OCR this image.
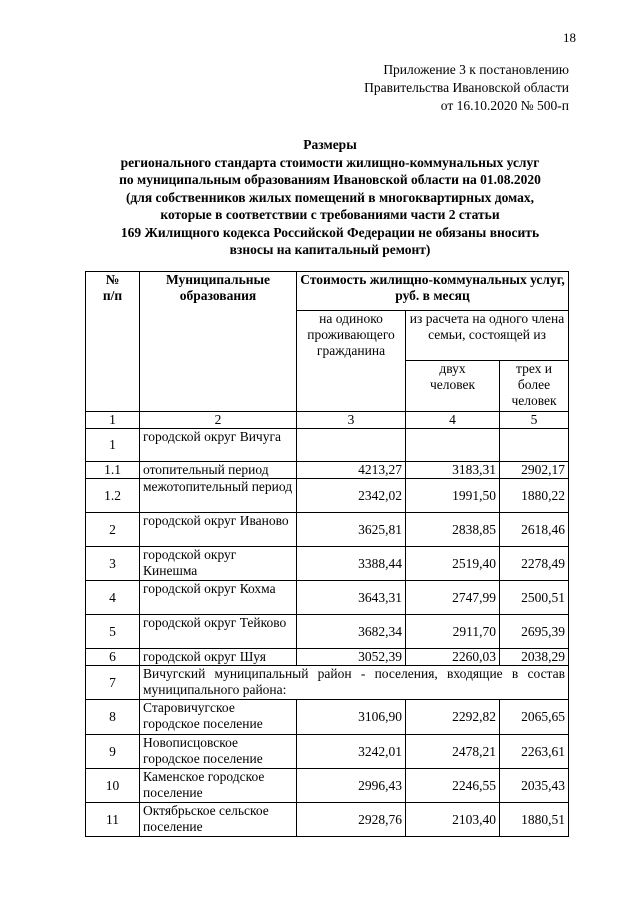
18
Приложение 3 к постановлению
Правительства Ивановской области
от 16.10.2020 № 500-п
Размеры
регионального стандарта стоимости жилищно-коммунальных услуг
по муниципальным образованиям Ивановской области на 01.08.2020
(для собственников жилых помещений в многоквартирных домах,
которые в соответствии с требованиями части 2 статьи
169 Жилищного кодекса Российской Федерации не обязаны вносить
взносы на капитальный ремонт)
№ п/п	Муниципальные образования	Стоимость жилищно-коммунальных услуг, руб. в месяц		
		на одиноко проживающего гражданина	из расчета на одного члена семьи, состоящей из	
			двух человек	трех и более человек
1	2	3	4	5
1	городской округ Вичуга			
1.1	отопительный период	4213,27	3183,31	2902,17
1.2	межотопительный период	2342,02	1991,50	1880,22
2	городской округ Иваново	3625,81	2838,85	2618,46
3	городской округ Кинешма	3388,44	2519,40	2278,49
4	городской округ Кохма	3643,31	2747,99	2500,51
5	городской округ Тейково	3682,34	2911,70	2695,39
6	городской округ Шуя	3052,39	2260,03	2038,29
7	Вичугский муниципальный район - поселения, входящие в состав муниципального района:			
8	Старовичугское городское поселение	3106,90	2292,82	2065,65
9	Новописцовское городское поселение	3242,01	2478,21	2263,61
10	Каменское городское поселение	2996,43	2246,55	2035,43
11	Октябрьское сельское поселение	2928,76	2103,40	1880,51
